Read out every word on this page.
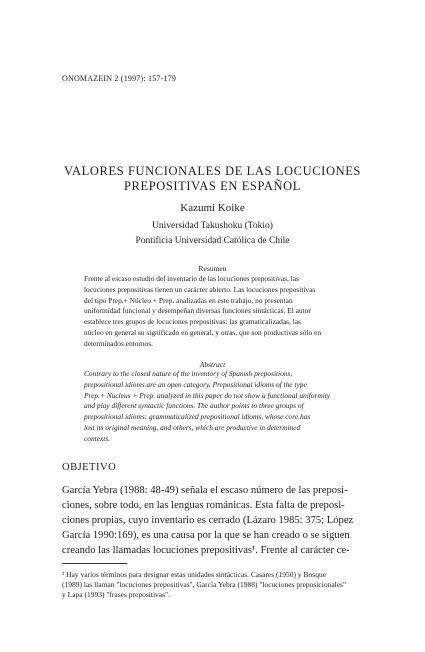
ONOMAZEIN 2 (1997): 157-179
VALORES FUNCIONALES DE LAS LOCUCIONES
PREPOSITIVAS EN ESPAÑOL
Kazumi Koike
Universidad Takushoku (Tokio)
Pontificia Universidad Católica de Chile
Resumen
Frente al escaso estudio del inventario de las locuciones prepositivas, las
locuciones prepositivas tienen un carácter abierto. Las locuciones prepositivas
del tipo Prep.+ Núcleo + Prep. analizadas en este trabajo, no presentan
uniformidad funcional y desempeñan diversas funciones sintácticas. El autor
establece tres grupos de locuciones prepositivas: las gramaticalizadas, las
núcleo en general su significado en general, y otras, que son productivas sólo en
determinados entornos.
Abstract
Contrary to the closed nature of the inventory of Spanish prepositions,
prepositional idioms are an open category. Prepositional idioms of the type
Prep.+ Nucleus + Prep. analyzed in this paper do not show a functional uniformity
and play different syntactic functions. The author points to three groups of
prepositional idioms: grammaticalized prepositional idioms, whose core has
lost its original meaning, and others, which are productive in determined
contexts.
OBJETIVO
García Yebra (1988: 48-49) señala el escaso número de las preposi-
ciones, sobre todo, en las lenguas románicas. Esta falta de preposi-
ciones propias, cuyo inventario es cerrado (Lázaro 1985: 375; López
García 1990:169), es una causa por la que se han creado o se siguen
creando las llamadas locuciones prepositivas¹. Frente al carácter ce-
¹ Hay varios términos para designar estas unidades sintácticas. Casares (1950) y Bosque
(1989) las llaman "locuciones prepositivas", García Yebra (1988) "locuciones preposicionales"
y Lapa (1993) "frases prepositivas".
